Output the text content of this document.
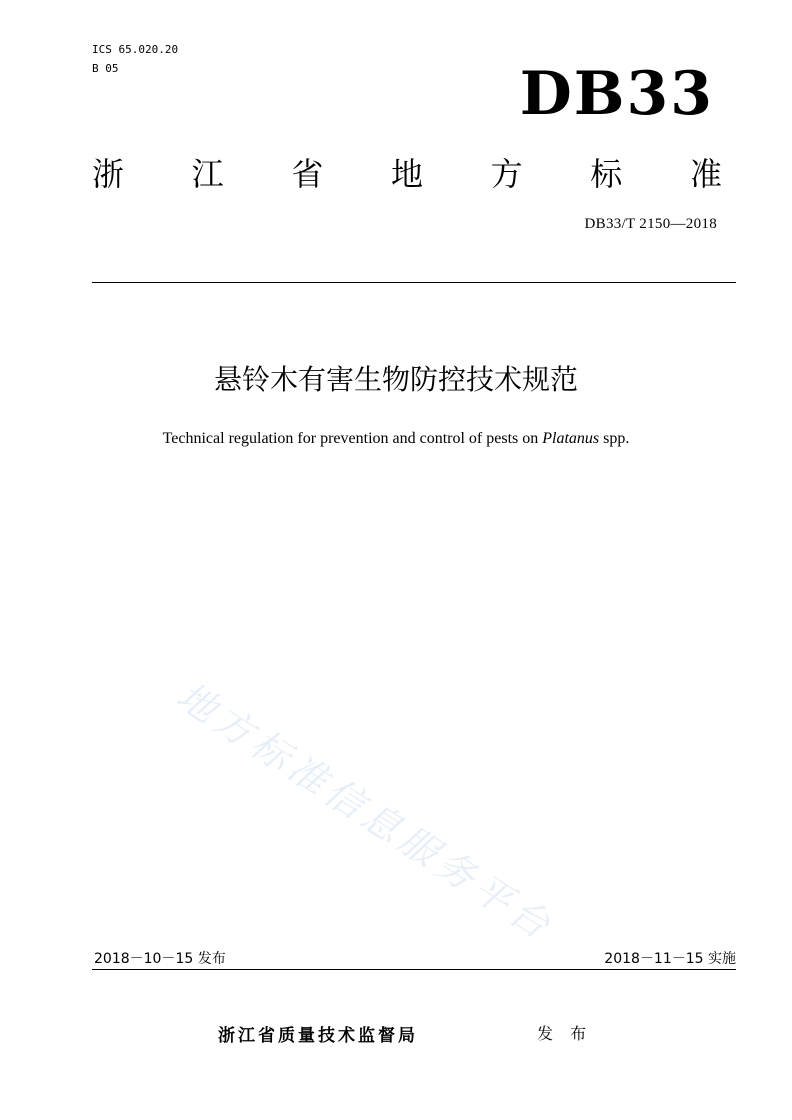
ICS 65.020.20
B 05	DB33
浙 江 省 地 方 标 准
DB33/T 2150—2018
悬铃木有害生物防控技术规范
Technical regulation for prevention and control of pests on Platanus spp.
地方标准信息服务平台
2018－10－15 发布	2018－11－15 实施
浙江省质量技术监督局	发 布
